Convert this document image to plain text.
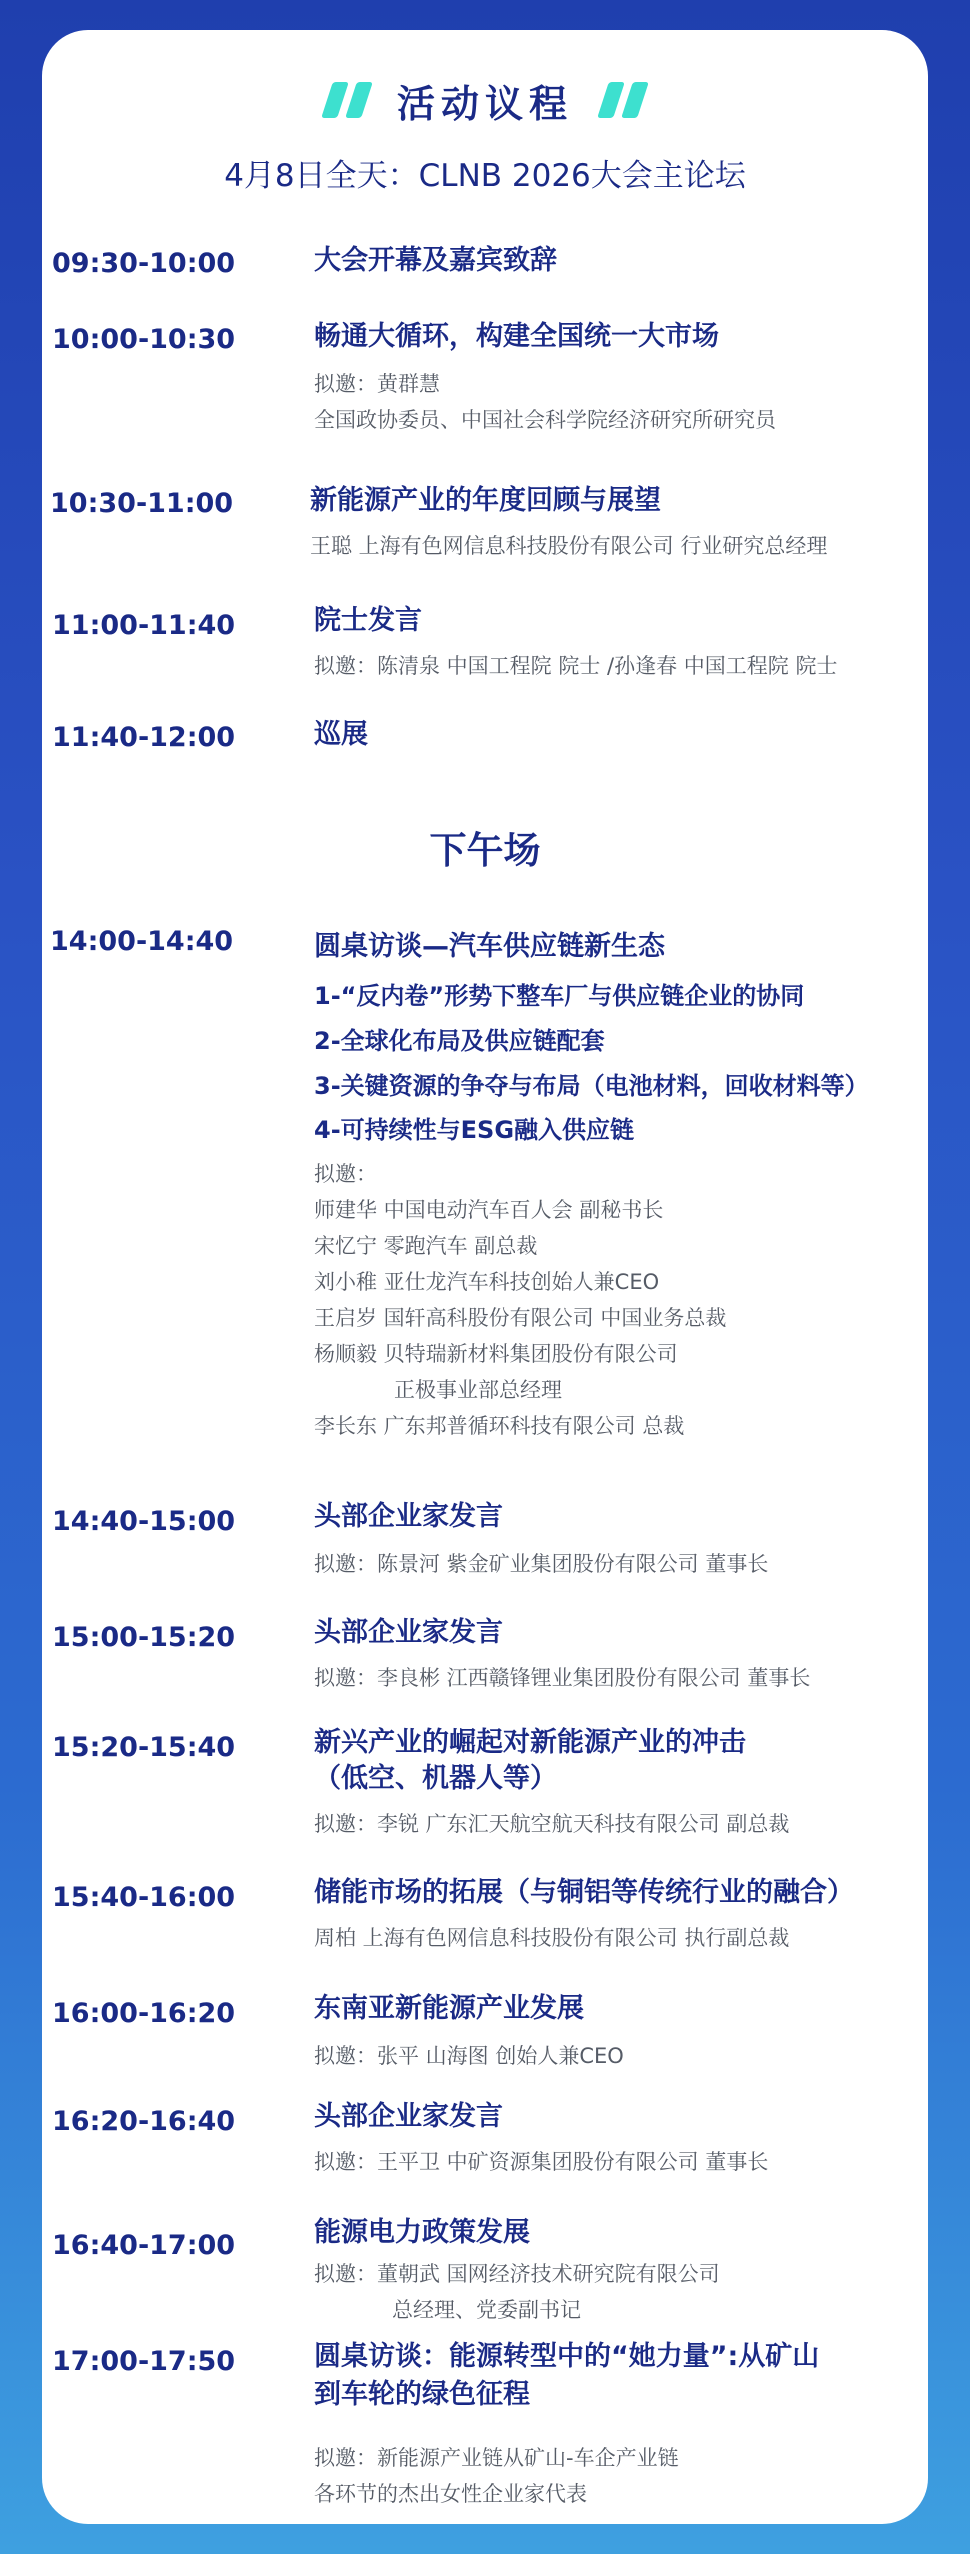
活动议程
4月8日全天：CLNB 2026大会主论坛
下午场
09:30-10:00	大会开幕及嘉宾致辞
10:00-10:30	畅通大循环，构建全国统一大市场
拟邀：黄群慧
全国政协委员、中国社会科学院经济研究所研究员
10:30-11:00	新能源产业的年度回顾与展望
王聪 上海有色网信息科技股份有限公司 行业研究总经理
11:00-11:40	院士发言
拟邀：陈清泉 中国工程院 院士 /孙逢春 中国工程院 院士
11:40-12:00	巡展
14:00-14:40	圆桌访谈—汽车供应链新生态
1-“反内卷”形势下整车厂与供应链企业的协同
2-全球化布局及供应链配套
3-关键资源的争夺与布局（电池材料，回收材料等）
4-可持续性与ESG融入供应链
拟邀：
师建华 中国电动汽车百人会 副秘书长
宋忆宁 零跑汽车 副总裁
刘小稚 亚仕龙汽车科技创始人兼CEO
王启岁 国轩高科股份有限公司 中国业务总裁
杨顺毅 贝特瑞新材料集团股份有限公司
正极事业部总经理
李长东 广东邦普循环科技有限公司 总裁
14:40-15:00	头部企业家发言
拟邀：陈景河 紫金矿业集团股份有限公司 董事长
15:00-15:20	头部企业家发言
拟邀：李良彬 江西赣锋锂业集团股份有限公司 董事长
15:20-15:40	新兴产业的崛起对新能源产业的冲击
（低空、机器人等）
拟邀：李锐 广东汇天航空航天科技有限公司 副总裁
15:40-16:00	储能市场的拓展（与铜铝等传统行业的融合）
周柏 上海有色网信息科技股份有限公司 执行副总裁
16:00-16:20	东南亚新能源产业发展
拟邀：张平 山海图 创始人兼CEO
16:20-16:40	头部企业家发言
拟邀：王平卫 中矿资源集团股份有限公司 董事长
16:40-17:00	能源电力政策发展
拟邀：董朝武 国网经济技术研究院有限公司
总经理、党委副书记
17:00-17:50	圆桌访谈：能源转型中的“她力量”:从矿山
到车轮的绿色征程
拟邀：新能源产业链从矿山-车企产业链
各环节的杰出女性企业家代表
